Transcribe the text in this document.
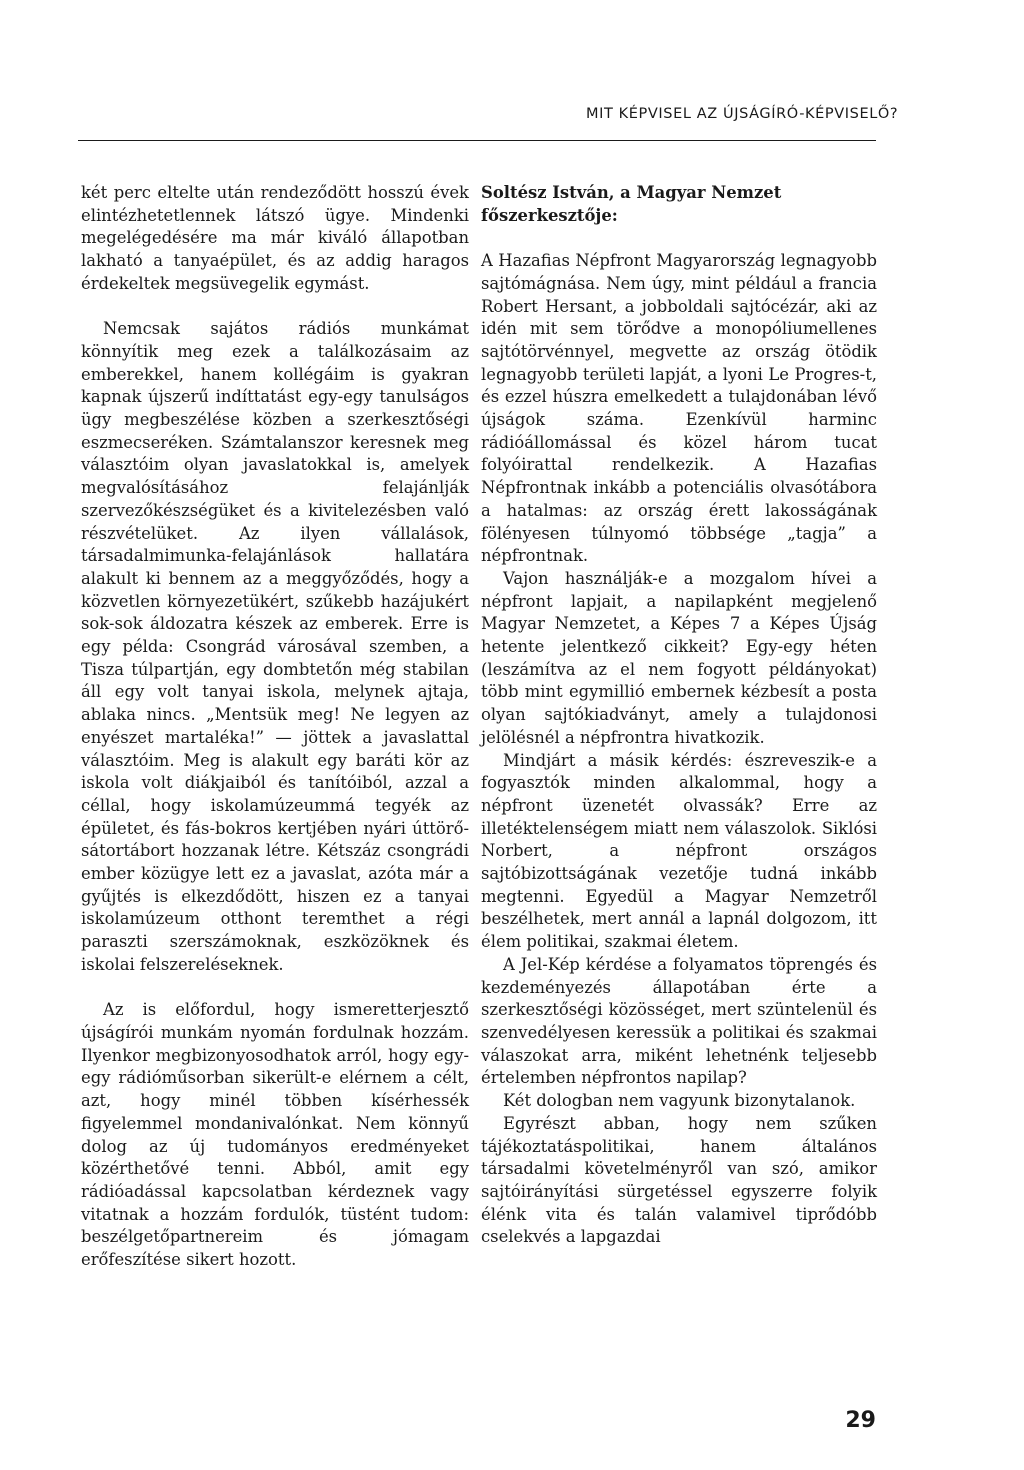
MIT KÉPVISEL AZ ÚJSÁGÍRÓ-KÉPVISELŐ?

két perc eltelte után rendeződött hosszú évek elintézhetetlennek látszó ügye. Mindenki megelégedésére ma már kiváló állapotban lakható a tanyaépület, és az addig haragos érdekeltek megsüvegelik egymást.

Nemcsak sajátos rádiós munkámat könnyítik meg ezek a találkozásaim az emberekkel, hanem kollégáim is gyakran kapnak újszerű indíttatást egy-egy tanulságos ügy megbeszélése közben a szerkesztőségi eszmecseréken. Számtalanszor keresnek meg választóim olyan javaslatokkal is, amelyek megvalósításához felajánlják szervezőkészségüket és a kivitelezésben való részvételüket. Az ilyen vállalások, társadalmimunka-felajánlások hallatára alakult ki bennem az a meggyőződés, hogy a közvetlen környezetükért, szűkebb hazájukért sok-sok áldozatra készek az emberek. Erre is egy példa: Csongrád városával szemben, a Tisza túlpartján, egy dombtetőn még stabilan áll egy volt tanyai iskola, melynek ajtaja, ablaka nincs. „Mentsük meg! Ne legyen az enyészet martaléka!” — jöttek a javaslattal választóim. Meg is alakult egy baráti kör az iskola volt diákjaiból és tanítóiból, azzal a céllal, hogy iskolamúzeummá tegyék az épületet, és fás-bokros kertjében nyári úttörő-sátortábort hozzanak létre. Kétszáz csongrádi ember közügye lett ez a javaslat, azóta már a gyűjtés is elkezdődött, hiszen ez a tanyai iskolamúzeum otthont teremthet a régi paraszti szerszámoknak, eszközöknek és iskolai felszereléseknek.

Az is előfordul, hogy ismeretterjesztő újságírói munkám nyomán fordulnak hozzám. Ilyenkor megbizonyosodhatok arról, hogy egy-egy rádióműsorban sikerült-e elérnem a célt, azt, hogy minél többen kísérhessék figyelemmel mondanivalónkat. Nem könnyű dolog az új tudományos eredményeket közérthetővé tenni. Abból, amit egy rádióadással kapcsolatban kérdeznek vagy vitatnak a hozzám fordulók, tüstént tudom: beszélgetőpartnereim és jómagam erőfeszítése sikert hozott.

Soltész István, a Magyar Nemzet
főszerkesztője:

A Hazafias Népfront Magyarország legnagyobb sajtómágnása. Nem úgy, mint például a francia Robert Hersant, a jobboldali sajtócézár, aki az idén mit sem törődve a monopóliumellenes sajtótörvénnyel, megvette az ország ötödik legnagyobb területi lapját, a lyoni Le Progres-t, és ezzel húszra emelkedett a tulajdonában lévő újságok száma. Ezenkívül harminc rádióállomással és közel három tucat folyóirattal rendelkezik. A Hazafias Népfrontnak inkább a potenciális olvasótábora a hatalmas: az ország érett lakosságának fölényesen túlnyomó többsége „tagja” a népfrontnak.

Vajon használják-e a mozgalom hívei a népfront lapjait, a napilapként megjelenő Magyar Nemzetet, a Képes 7 a Képes Újság hetente jelentkező cikkeit? Egy-egy héten (leszámítva az el nem fogyott példányokat) több mint egymillió embernek kézbesít a posta olyan sajtókiadványt, amely a tulajdonosi jelölésnél a népfrontra hivatkozik.

Mindjárt a másik kérdés: észreveszik-e a fogyasztók minden alkalommal, hogy a népfront üzenetét olvassák? Erre az illetéktelenségem miatt nem válaszolok. Siklósi Norbert, a népfront országos sajtóbizottságának vezetője tudná inkább megtenni. Egyedül a Magyar Nemzetről beszélhetek, mert annál a lapnál dolgozom, itt élem politikai, szakmai életem.

A Jel-Kép kérdése a folyamatos töprengés és kezdeményezés állapotában érte a szerkesztőségi közösséget, mert szüntelenül és szenvedélyesen keressük a politikai és szakmai válaszokat arra, miként lehetnénk teljesebb értelemben népfrontos napilap?

Két dologban nem vagyunk bizonytalanok.

Egyrészt abban, hogy nem szűken tájékoztatáspolitikai, hanem általános társadalmi követelményről van szó, amikor sajtóirányítási sürgetéssel egyszerre folyik élénk vita és talán valamivel tiprődóbb cselekvés a lapgazdai

29
